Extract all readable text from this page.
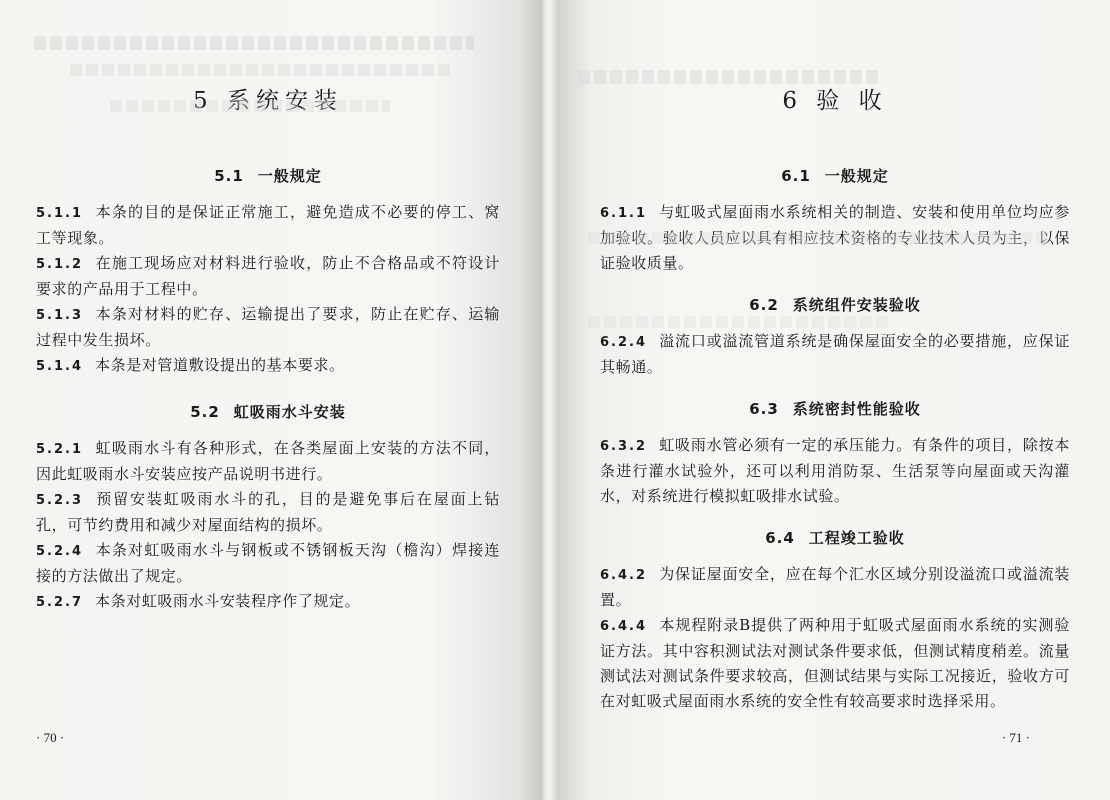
5 系统安装
5.1 一般规定

5.1.1 本条的目的是保证正常施工，避免造成不必要的停工、窝工等现象。

5.1.2 在施工现场应对材料进行验收，防止不合格品或不符设计要求的产品用于工程中。

5.1.3 本条对材料的贮存、运输提出了要求，防止在贮存、运输过程中发生损坏。

5.1.4 本条是对管道敷设提出的基本要求。

5.2 虹吸雨水斗安装

5.2.1 虹吸雨水斗有各种形式，在各类屋面上安装的方法不同，因此虹吸雨水斗安装应按产品说明书进行。

5.2.3 预留安装虹吸雨水斗的孔，目的是避免事后在屋面上钻孔，可节约费用和减少对屋面结构的损坏。

5.2.4 本条对虹吸雨水斗与钢板或不锈钢板天沟（檐沟）焊接连接的方法做出了规定。

5.2.7 本条对虹吸雨水斗安装程序作了规定。

· 70 ·
6 验 收
6.1 一般规定

6.1.1 与虹吸式屋面雨水系统相关的制造、安装和使用单位均应参加验收。验收人员应以具有相应技术资格的专业技术人员为主，以保证验收质量。

6.2 系统组件安装验收

6.2.4 溢流口或溢流管道系统是确保屋面安全的必要措施，应保证其畅通。

6.3 系统密封性能验收

6.3.2 虹吸雨水管必须有一定的承压能力。有条件的项目，除按本条进行灌水试验外，还可以利用消防泵、生活泵等向屋面或天沟灌水，对系统进行模拟虹吸排水试验。

6.4 工程竣工验收

6.4.2 为保证屋面安全，应在每个汇水区域分别设溢流口或溢流装置。

6.4.4 本规程附录B提供了两种用于虹吸式屋面雨水系统的实测验证方法。其中容积测试法对测试条件要求低，但测试精度稍差。流量测试法对测试条件要求较高，但测试结果与实际工况接近，验收方可在对虹吸式屋面雨水系统的安全性有较高要求时选择采用。

· 71 ·
